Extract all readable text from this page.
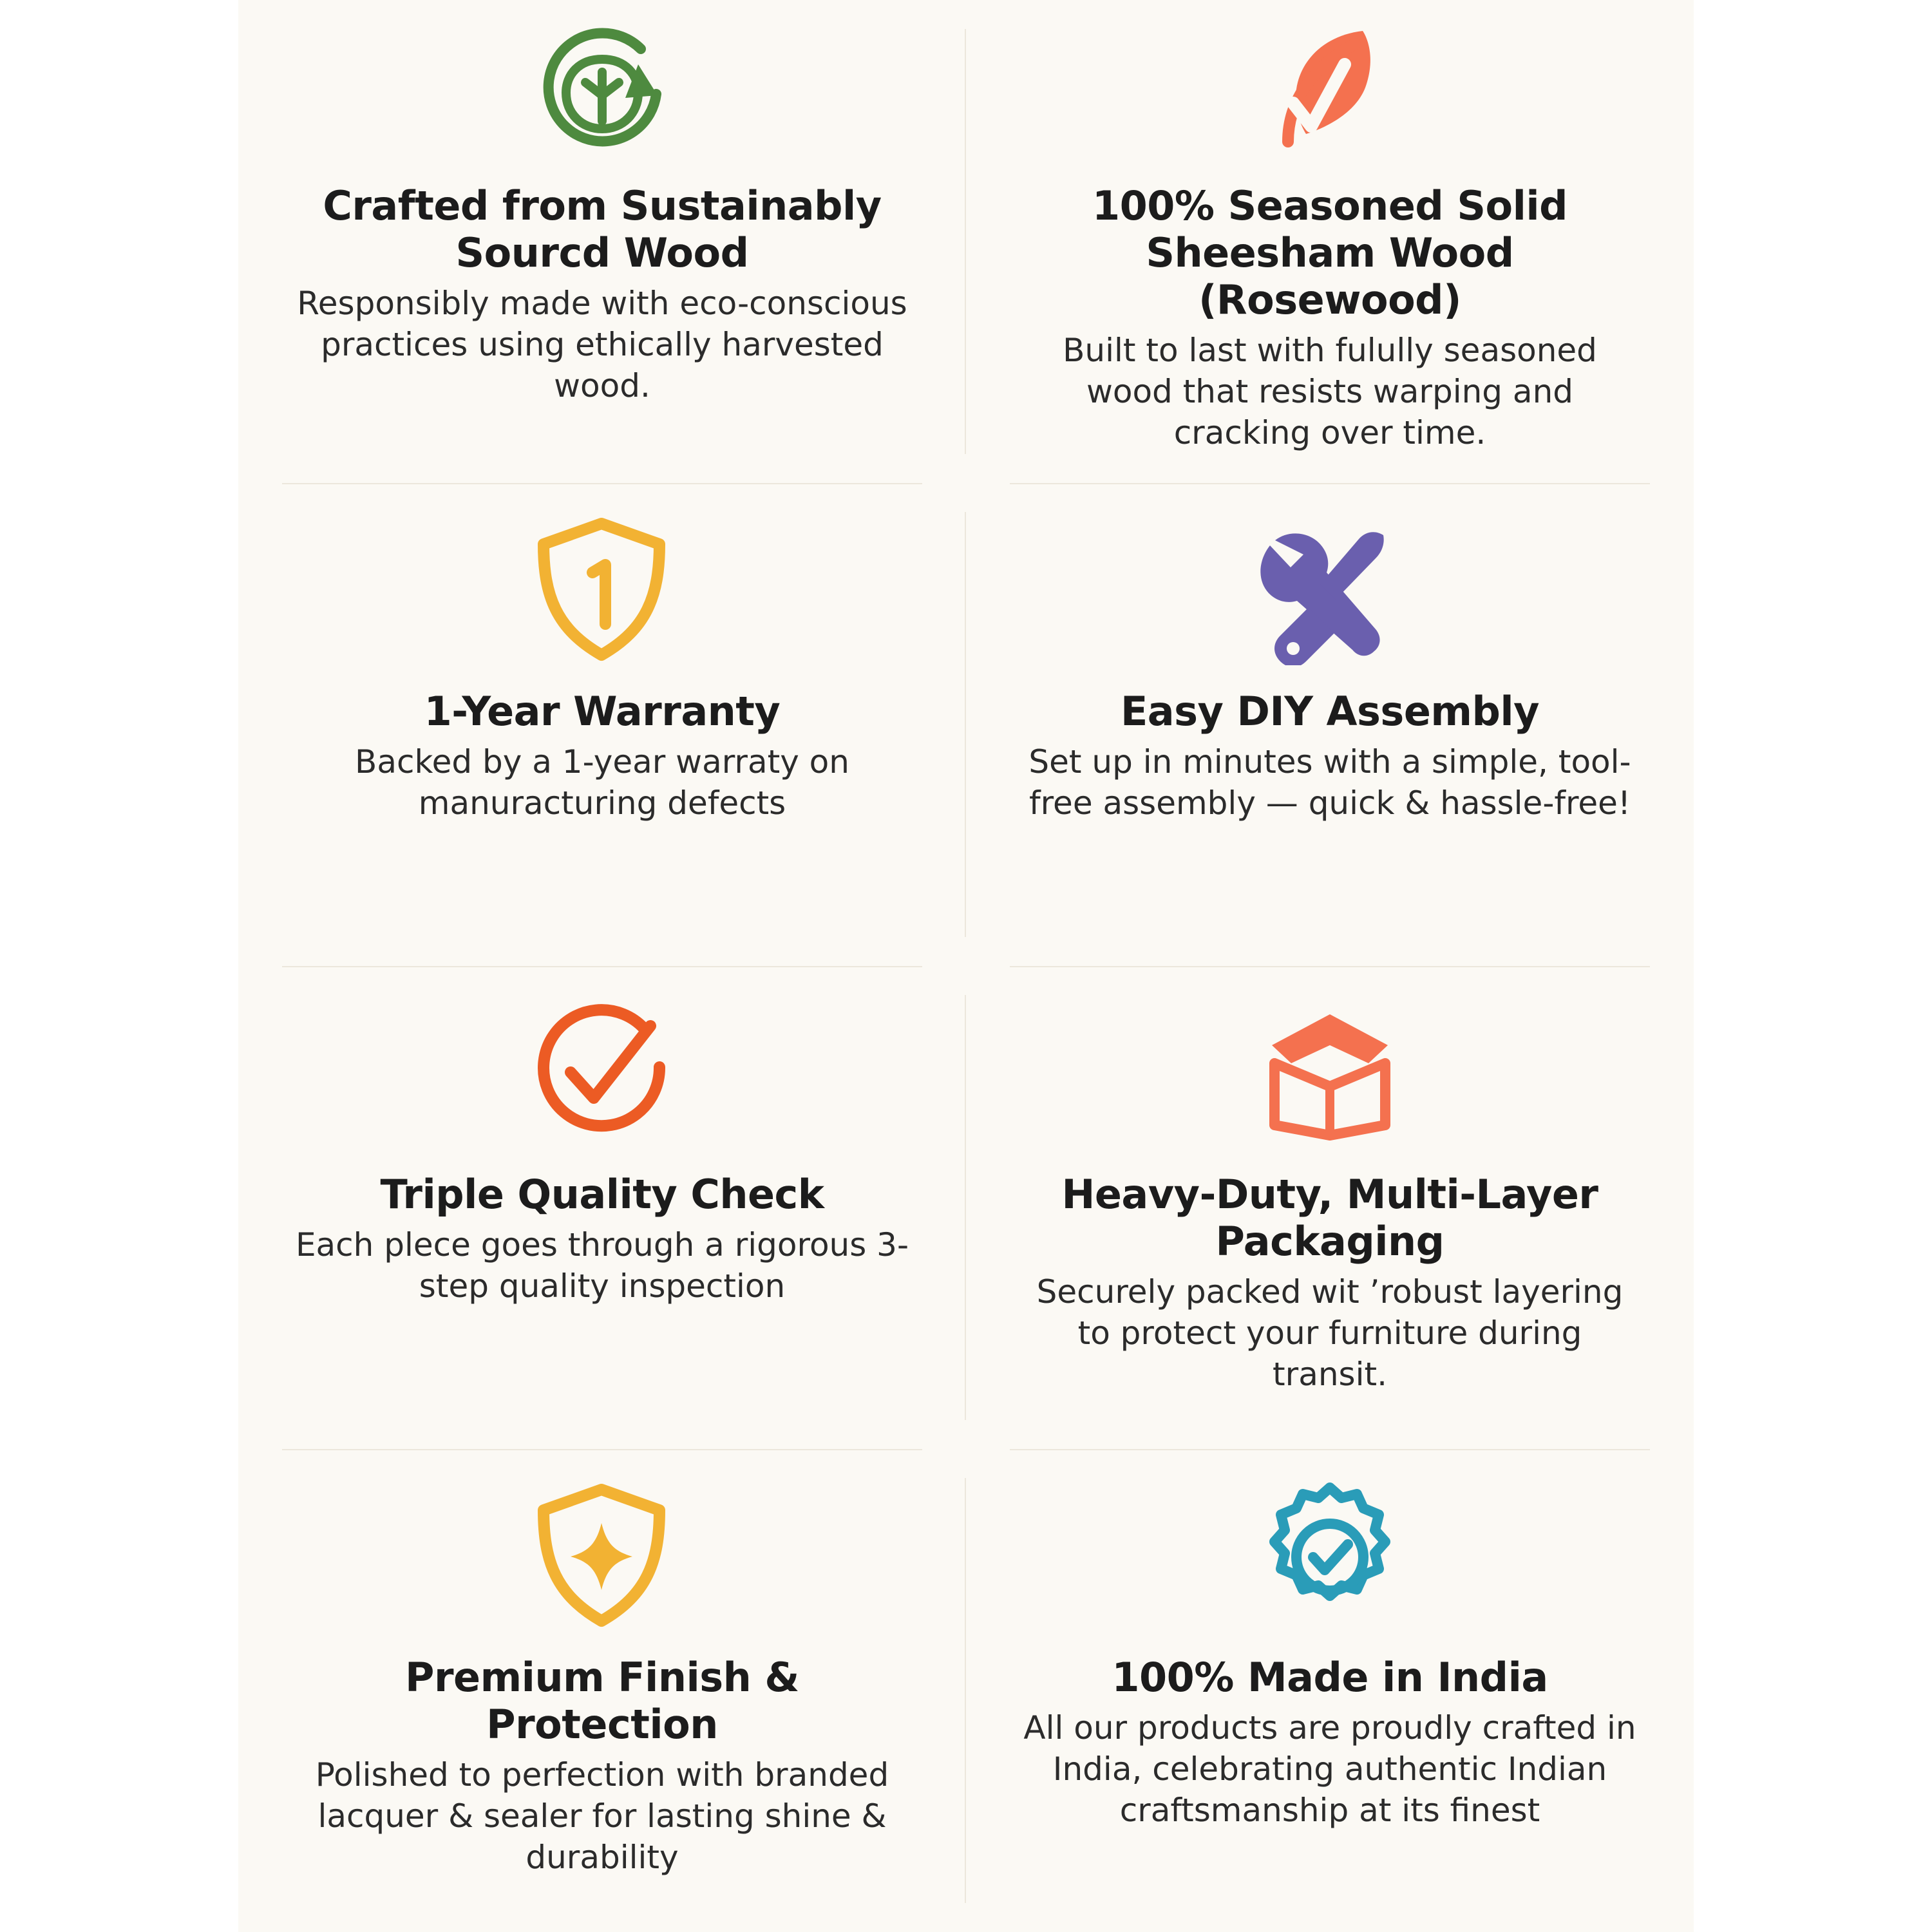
Crafted from Sustainably Sourcd Wood

Responsibly made with eco-conscious practices using ethically harvested wood.

100% Seasoned Solid Sheesham Wood (Rosewood)

Built to last with fulully seasoned wood that resists warping and cracking over time.

1-Year Warranty

Backed by a 1-year warraty on manuracturing defects

Easy DIY Assembly

Set up in minutes with a simple, tool-free assembly — quick & hassle-free!

Triple Quality Check

Each plece goes through a rigorous 3-step quality inspection

Heavy-Duty, Multi-Layer Packaging

Securely packed wit ’robust layering to protect your furniture during transit.

Premium Finish & Protection

Polished to perfection with branded lacquer & sealer for lasting shine & durability

100% Made in India

All our products are proudly crafted in India, celebrating authentic Indian craftsmanship at its finest
